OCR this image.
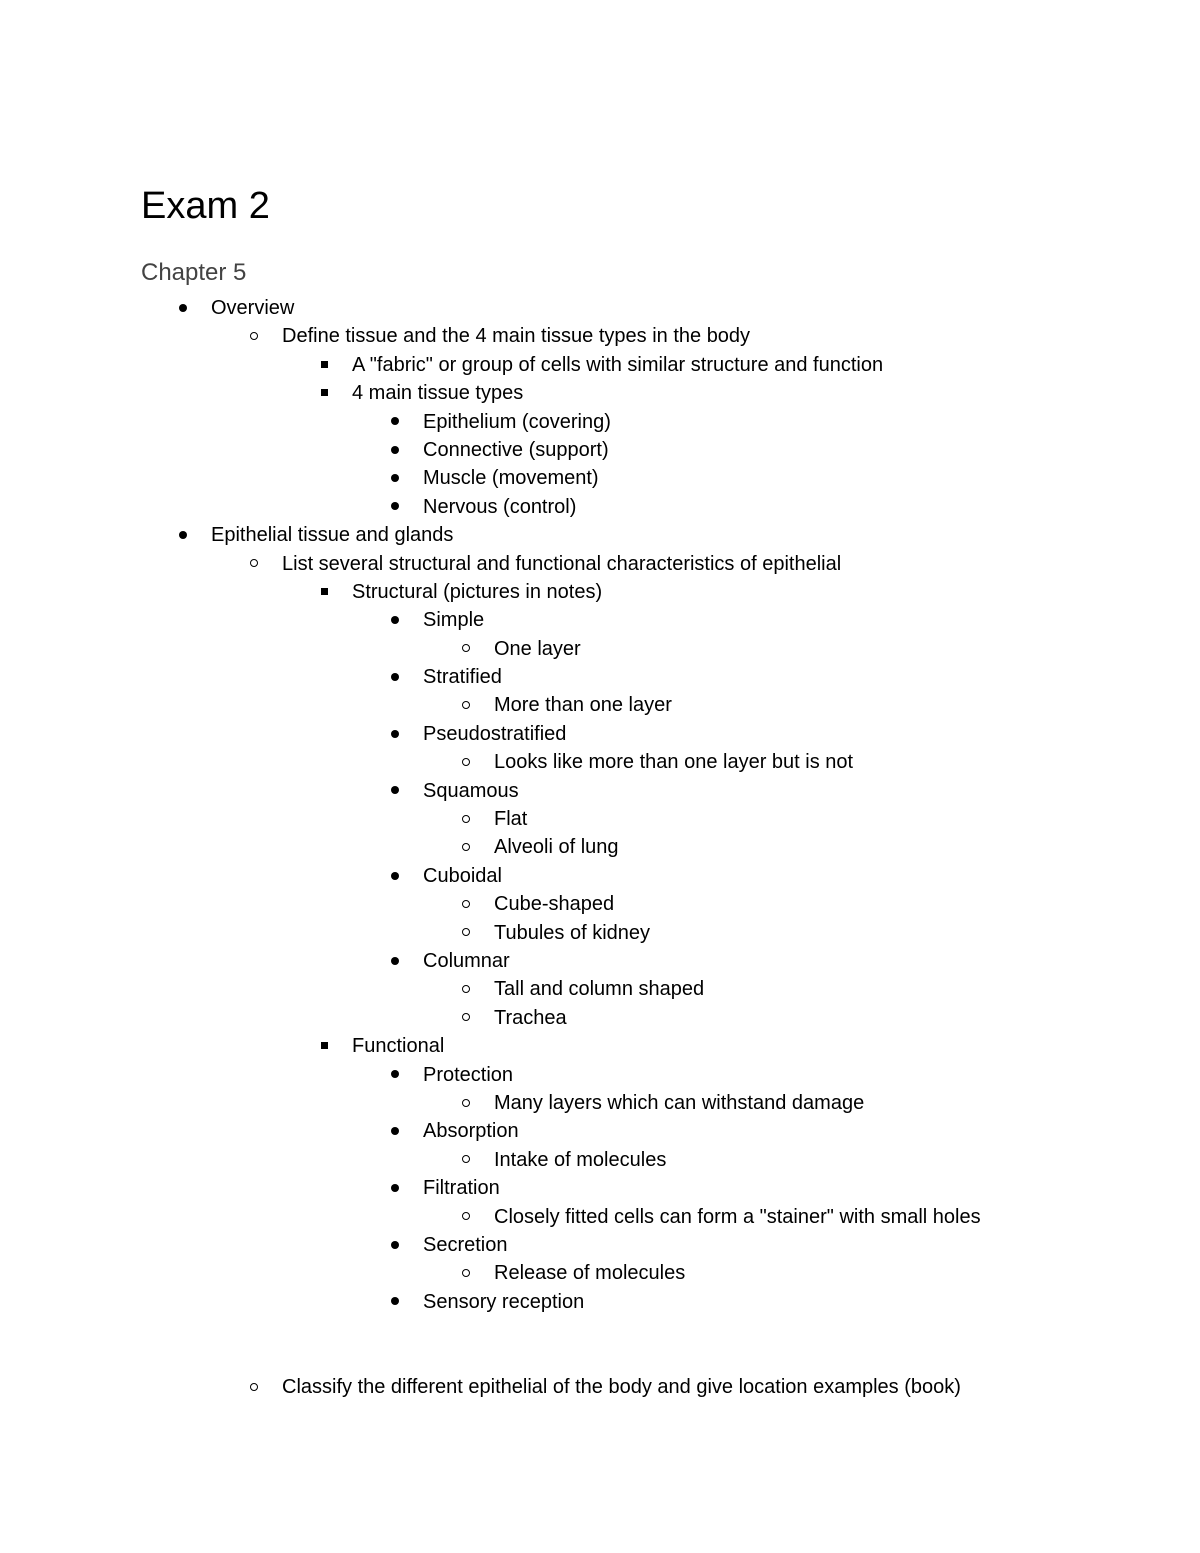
Exam 2
Chapter 5
Overview
Define tissue and the 4 main tissue types in the body
A "fabric" or group of cells with similar structure and function
4 main tissue types
Epithelium (covering)
Connective (support)
Muscle (movement)
Nervous (control)
Epithelial tissue and glands
List several structural and functional characteristics of epithelial
Structural (pictures in notes)
Simple
One layer
Stratified
More than one layer
Pseudostratified
Looks like more than one layer but is not
Squamous
Flat
Alveoli of lung
Cuboidal
Cube-shaped
Tubules of kidney
Columnar
Tall and column shaped
Trachea
Functional
Protection
Many layers which can withstand damage
Absorption
Intake of molecules
Filtration
Closely fitted cells can form a "stainer" with small holes
Secretion
Release of molecules
Sensory reception
Classify the different epithelial of the body and give location examples (book)
